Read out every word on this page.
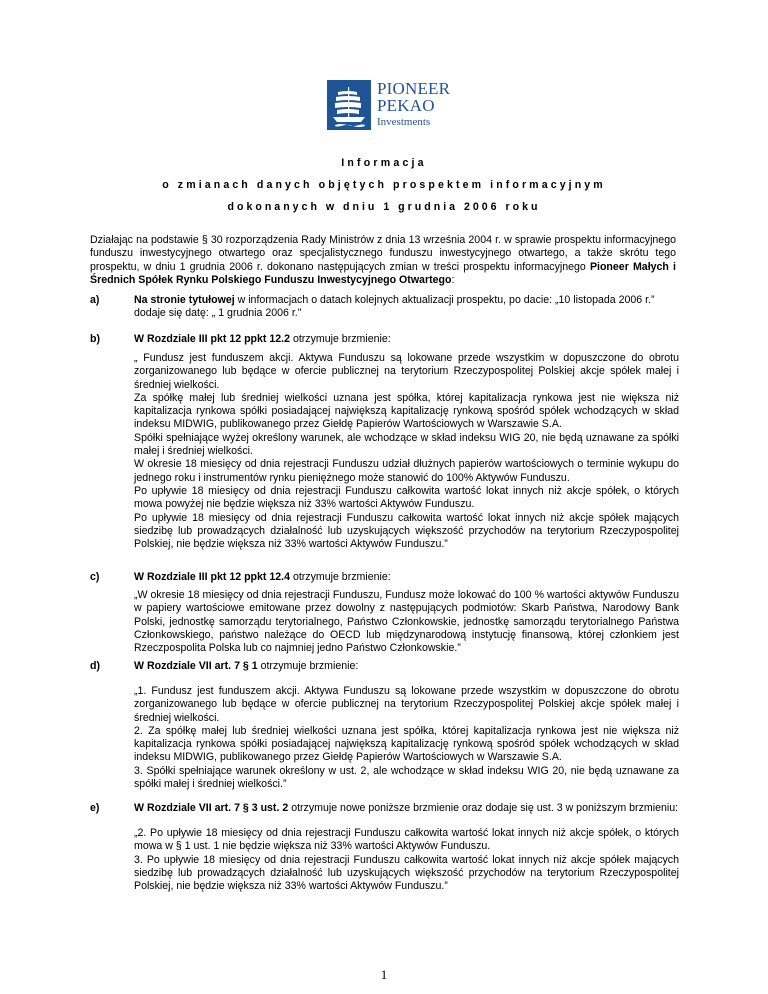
PIONEER
PEKAO
Investments
Informacja
o zmianach danych objętych prospektem informacyjnym
dokonanych w dniu 1 grudnia 2006 roku
Działając na podstawie § 30 rozporządzenia Rady Ministrów z dnia 13 września 2004 r. w sprawie prospektu informacyjnego funduszu inwestycyjnego otwartego oraz specjalistycznego funduszu inwestycyjnego otwartego, a także skrótu tego prospektu, w dniu 1 grudnia 2006 r. dokonano następujących zmian w treści prospektu informacyjnego Pioneer Małych i Średnich Spółek Rynku Polskiego Funduszu Inwestycyjnego Otwartego:
a)	Na stronie tytułowej w informacjach o datach kolejnych aktualizacji prospektu, po dacie: „10 listopada 2006 r.” dodaje się datę: „ 1 grudnia 2006 r."
b)	W Rozdziale III pkt 12 ppkt 12.2 otrzymuje brzmienie:
„ Fundusz jest funduszem akcji. Aktywa Funduszu są lokowane przede wszystkim w dopuszczone do obrotu zorganizowanego lub będące w ofercie publicznej na terytorium Rzeczypospolitej Polskiej akcje spółek małej i średniej wielkości.
Za spółkę małej lub średniej wielkości uznana jest spółka, której kapitalizacja rynkowa jest nie większa niż kapitalizacja rynkowa spółki posiadającej największą kapitalizację rynkową spośród spółek wchodzących w skład indeksu MIDWIG, publikowanego przez Giełdę Papierów Wartościowych w Warszawie S.A.
Spółki spełniające wyżej określony warunek, ale wchodzące w skład indeksu WIG 20, nie będą uznawane za spółki małej i średniej wielkości.
W okresie 18 miesięcy od dnia rejestracji Funduszu udział dłużnych papierów wartościowych o terminie wykupu do jednego roku i instrumentów rynku pieniężnego może stanowić do 100% Aktywów Funduszu.
Po upływie 18 miesięcy od dnia rejestracji Funduszu całkowita wartość lokat innych niż akcje spółek, o których mowa powyżej nie będzie większa niż 33% wartości Aktywów Funduszu.
Po upływie 18 miesięcy od dnia rejestracji Funduszu całkowita wartość lokat innych niż akcje spółek mających siedzibę lub prowadzących działalność lub uzyskujących większość przychodów na terytorium Rzeczypospolitej Polskiej, nie będzie większa niż 33% wartości Aktywów Funduszu.”
c)	W Rozdziale III pkt 12 ppkt 12.4 otrzymuje brzmienie:
„W okresie 18 miesięcy od dnia rejestracji Funduszu, Fundusz może lokować do 100 % wartości aktywów Funduszu w papiery wartościowe emitowane przez dowolny z następujących podmiotów: Skarb Państwa, Narodowy Bank Polski, jednostkę samorządu terytorialnego, Państwo Członkowskie, jednostkę samorządu terytorialnego Państwa Członkowskiego, państwo należące do OECD lub międzynarodową instytucję finansową, której członkiem jest Rzeczpospolita Polska lub co najmniej jedno Państwo Członkowskie.”
d)	W Rozdziale VII art. 7 § 1 otrzymuje brzmienie:
„1. Fundusz jest funduszem akcji. Aktywa Funduszu są lokowane przede wszystkim w dopuszczone do obrotu zorganizowanego lub będące w ofercie publicznej na terytorium Rzeczypospolitej Polskiej akcje spółek małej i średniej wielkości.
2. Za spółkę małej lub średniej wielkości uznana jest spółka, której kapitalizacja rynkowa jest nie większa niż kapitalizacja rynkowa spółki posiadającej największą kapitalizację rynkową spośród spółek wchodzących w skład indeksu MIDWIG, publikowanego przez Giełdę Papierów Wartościowych w Warszawie S.A.
3. Spółki spełniające warunek określony w ust. 2, ale wchodzące w skład indeksu WIG 20, nie będą uznawane za spółki małej i średniej wielkości.”
e)	W Rozdziale VII art. 7 § 3 ust. 2 otrzymuje nowe poniższe brzmienie oraz dodaje się ust. 3 w poniższym brzmieniu:
„2. Po upływie 18 miesięcy od dnia rejestracji Funduszu całkowita wartość lokat innych niż akcje spółek, o których mowa w § 1 ust. 1 nie będzie większa niż 33% wartości Aktywów Funduszu.
3. Po upływie 18 miesięcy od dnia rejestracji Funduszu całkowita wartość lokat innych niż akcje spółek mających siedzibę lub prowadzących działalność lub uzyskujących większość przychodów na terytorium Rzeczypospolitej Polskiej, nie będzie większa niż 33% wartości Aktywów Funduszu.”
1
